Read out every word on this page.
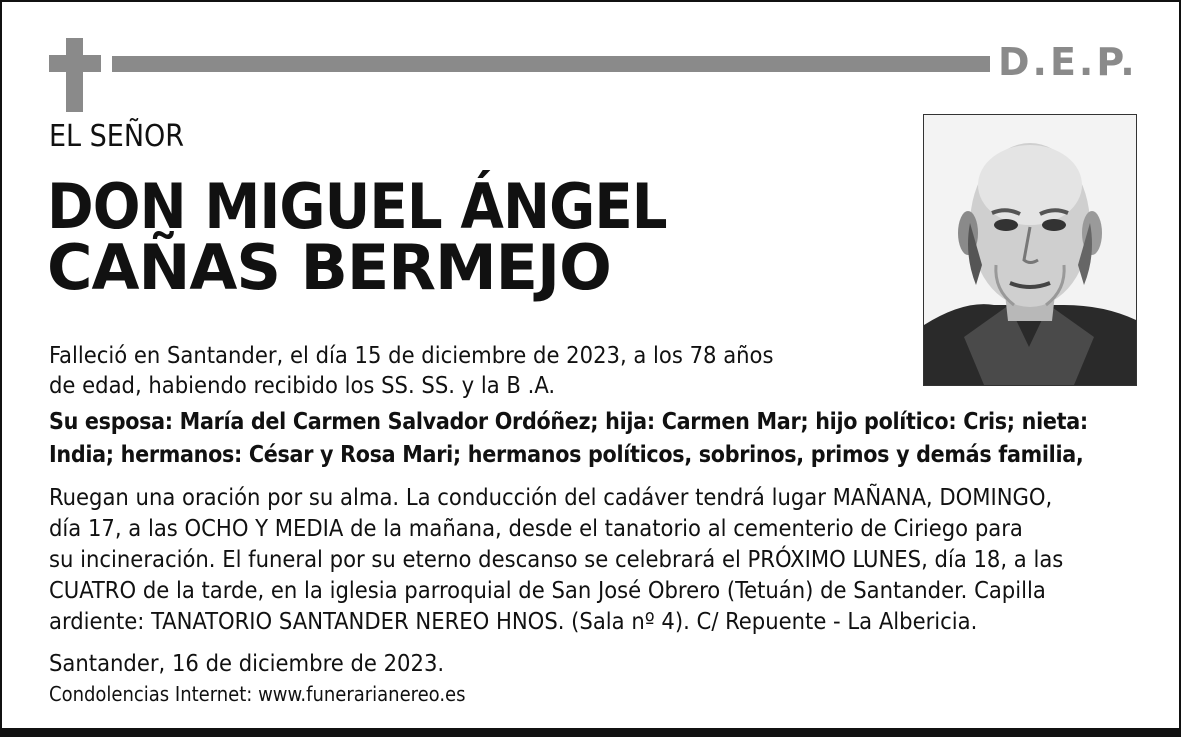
D.E.P.
EL SEÑOR
DON MIGUEL ÁNGEL
CAÑAS BERMEJO
Falleció en Santander, el día 15 de diciembre de 2023, a los 78 años
de edad, habiendo recibido los SS. SS. y la B .A.
Su esposa: María del Carmen Salvador Ordóñez; hija: Carmen Mar; hijo político: Cris; nieta:
India; hermanos: César y Rosa Mari; hermanos políticos, sobrinos, primos y demás familia,
Ruegan una oración por su alma. La conducción del cadáver tendrá lugar MAÑANA, DOMINGO,
día 17, a las OCHO Y MEDIA de la mañana, desde el tanatorio al cementerio de Ciriego para
su incineración. El funeral por su eterno descanso se celebrará el PRÓXIMO LUNES, día 18, a las
CUATRO de la tarde, en la iglesia parroquial de San José Obrero (Tetuán) de Santander. Capilla
ardiente: TANATORIO SANTANDER NEREO HNOS. (Sala nº 4). C/ Repuente - La Albericia.
Santander, 16 de diciembre de 2023.
Condolencias Internet: www.funerarianereo.es
